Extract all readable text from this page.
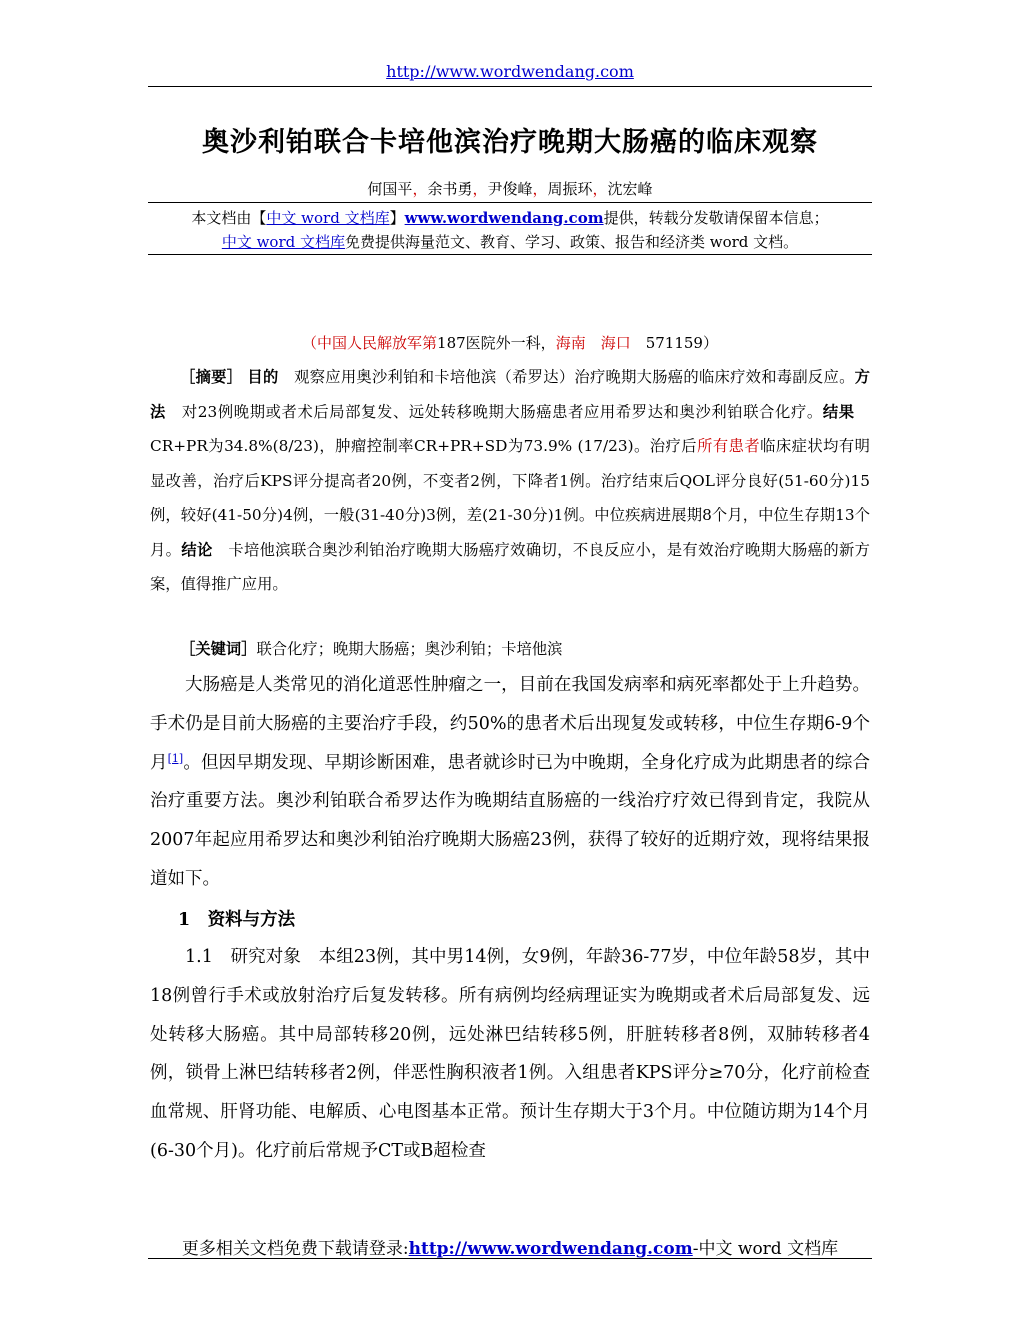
http://www.wordwendang.com
奥沙利铂联合卡培他滨治疗晚期大肠癌的临床观察
何国平，余书勇，尹俊峰，周振环，沈宏峰
本文档由【中文 word 文档库】www.wordwendang.com提供，转载分发敬请保留本信息；
中文 word 文档库免费提供海量范文、教育、学习、政策、报告和经济类 word 文档。
（中国人民解放军第187医院外一科，海南　海口　571159）
［摘要］ 目的　观察应用奥沙利铂和卡培他滨（希罗达）治疗晚期大肠癌的临床疗效和毒副反应。方法　对23例晚期或者术后局部复发、远处转移晚期大肠癌患者应用希罗达和奥沙利铂联合化疗。结果　CR+PR为34.8%(8/23)，肿瘤控制率CR+PR+SD为73.9% (17/23)。治疗后所有患者临床症状均有明显改善，治疗后KPS评分提高者20例，不变者2例，下降者1例。治疗结束后QOL评分良好(51-60分)15例，较好(41-50分)4例，一般(31-40分)3例，差(21-30分)1例。中位疾病进展期8个月，中位生存期13个月。结论　卡培他滨联合奥沙利铂治疗晚期大肠癌疗效确切，不良反应小，是有效治疗晚期大肠癌的新方案，值得推广应用。
［关键词］联合化疗；晚期大肠癌；奥沙利铂；卡培他滨
大肠癌是人类常见的消化道恶性肿瘤之一，目前在我国发病率和病死率都处于上升趋势。手术仍是目前大肠癌的主要治疗手段，约50%的患者术后出现复发或转移，中位生存期6-9个月[1]。但因早期发现、早期诊断困难，患者就诊时已为中晚期，全身化疗成为此期患者的综合治疗重要方法。奥沙利铂联合希罗达作为晚期结直肠癌的一线治疗疗效已得到肯定，我院从2007年起应用希罗达和奥沙利铂治疗晚期大肠癌23例，获得了较好的近期疗效，现将结果报道如下。
1　资料与方法
1.1　研究对象　本组23例，其中男14例，女9例，年龄36-77岁，中位年龄58岁，其中18例曾行手术或放射治疗后复发转移。所有病例均经病理证实为晚期或者术后局部复发、远处转移大肠癌。其中局部转移20例，远处淋巴结转移5例，肝脏转移者8例，双肺转移者4例，锁骨上淋巴结转移者2例，伴恶性胸积液者1例。入组患者KPS评分≥70分，化疗前检查血常规、肝肾功能、电解质、心电图基本正常。预计生存期大于3个月。中位随访期为14个月(6-30个月)。化疗前后常规予CT或B超检查
更多相关文档免费下载请登录:http://www.wordwendang.com-中文 word 文档库
